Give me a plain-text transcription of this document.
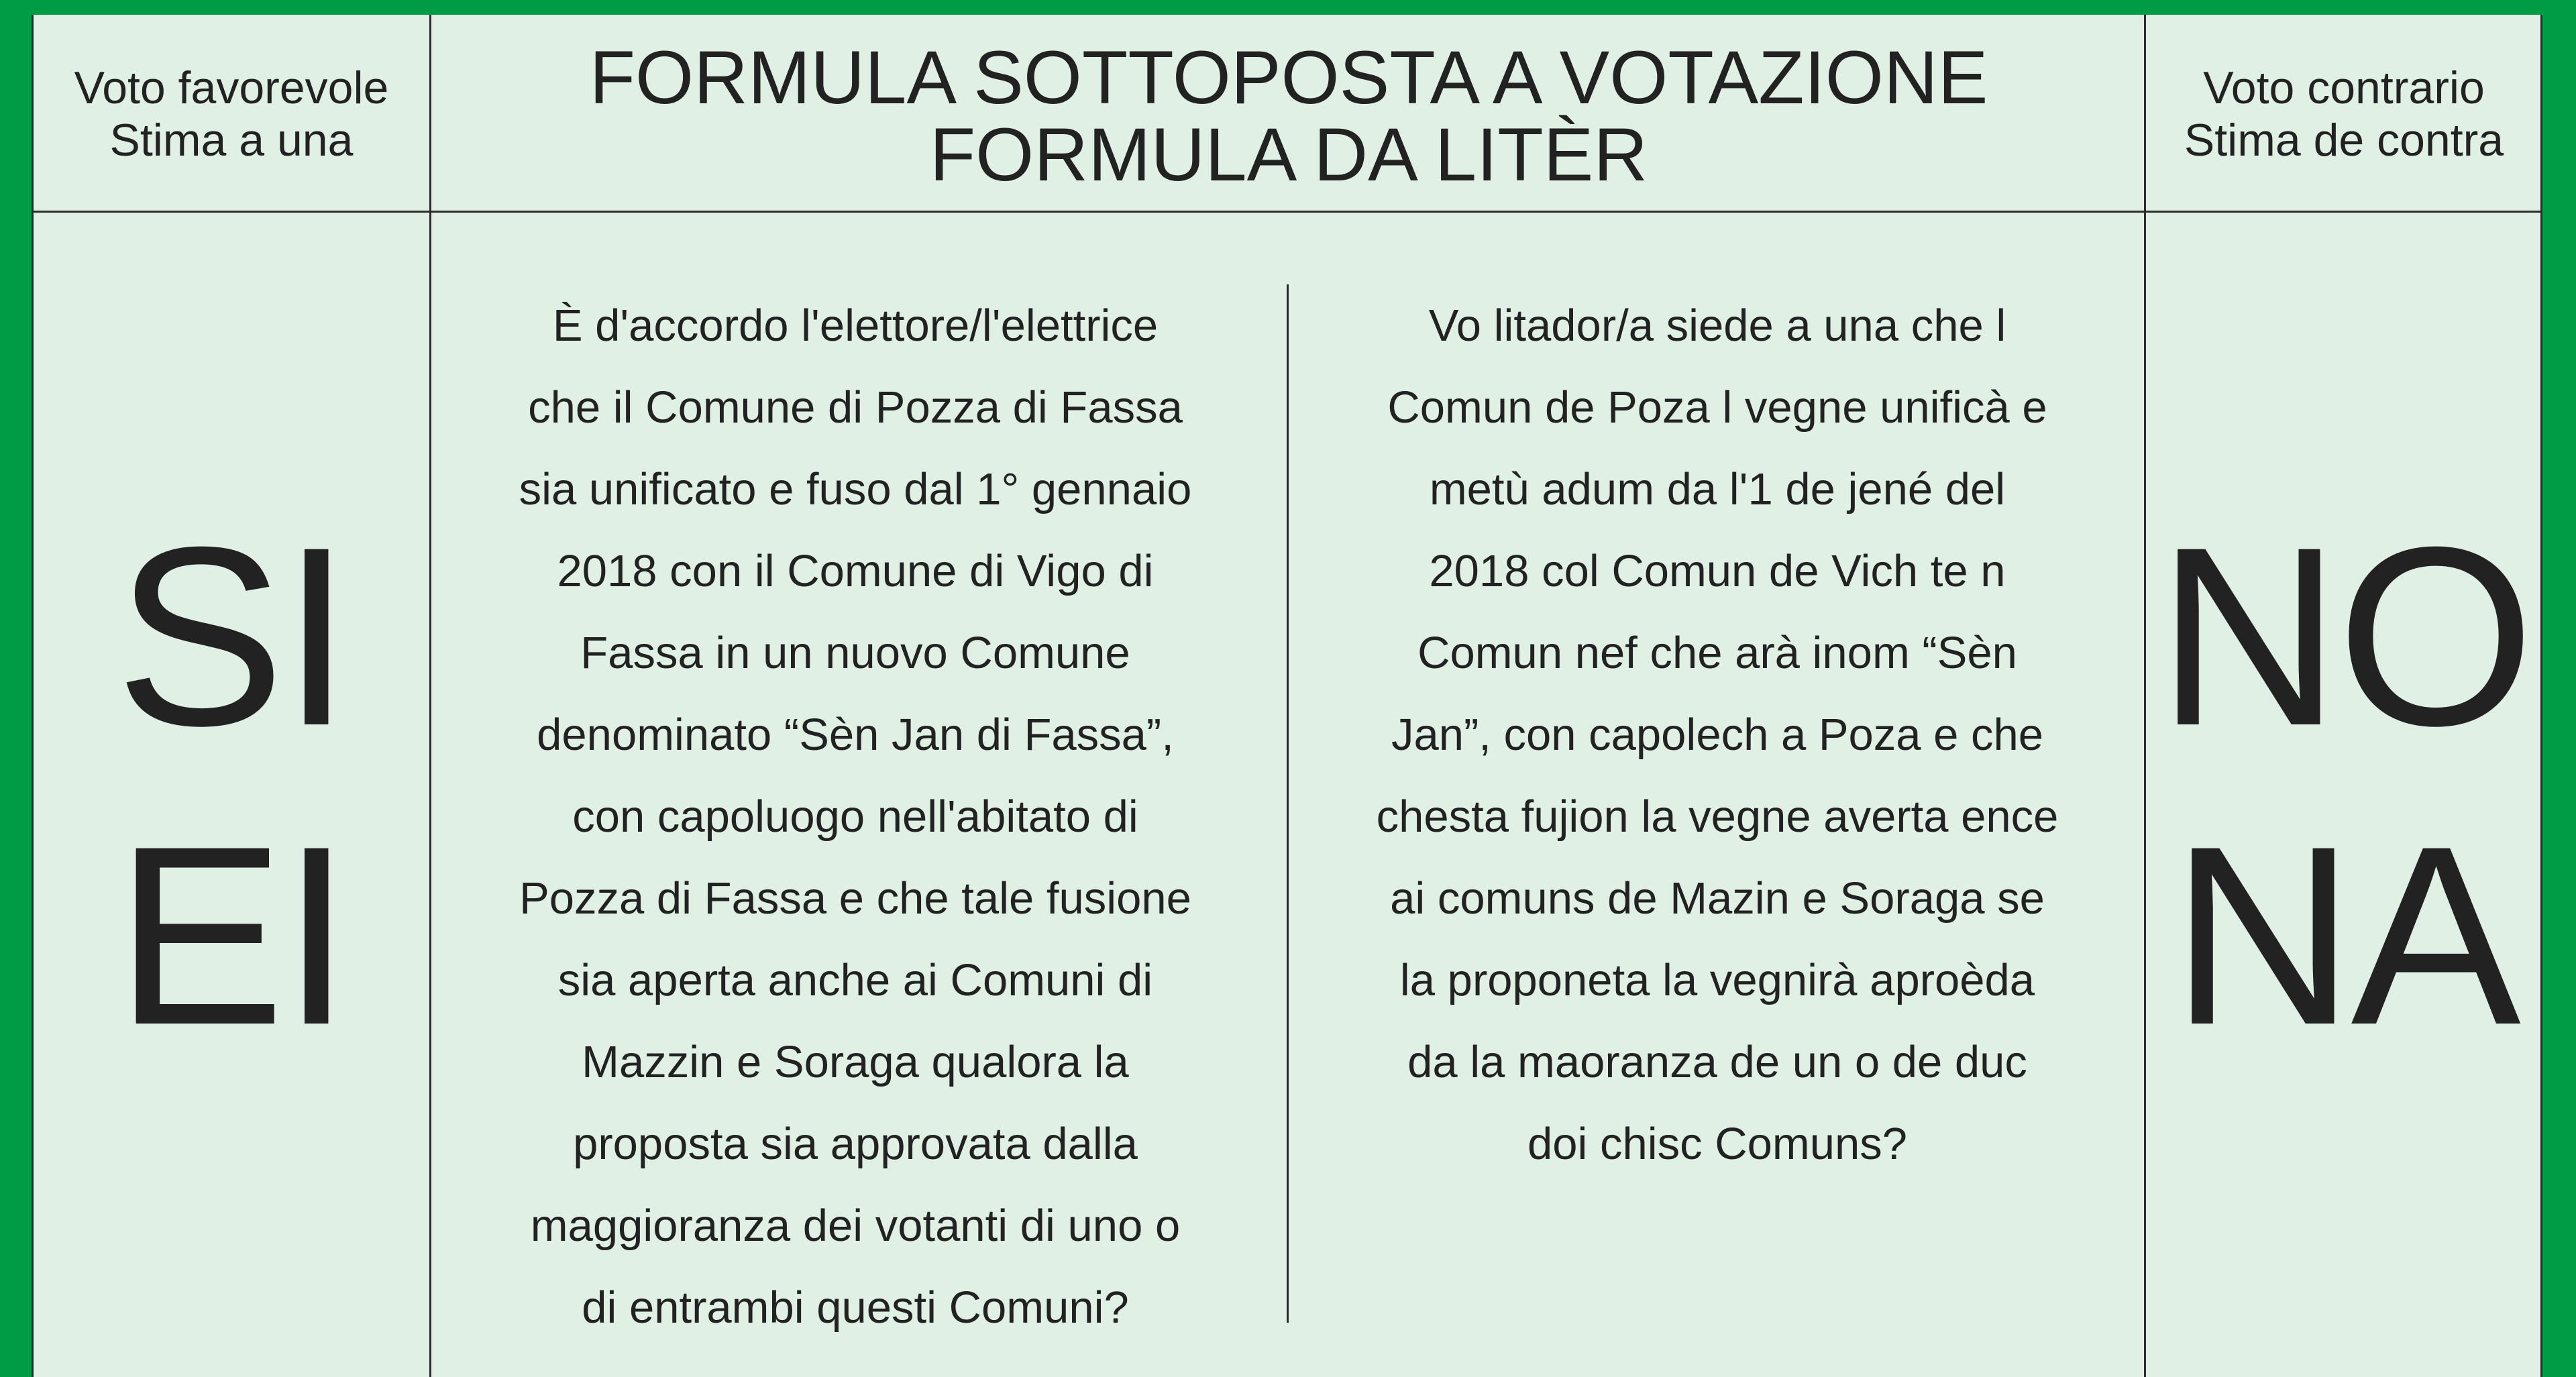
Voto favorevole
Stima a una
FORMULA SOTTOPOSTA A VOTAZIONE
FORMULA DA LITÈR
Voto contrario
Stima de contra
SI
EI
NO
NA
È d'accordo l'elettore/l'elettrice
che il Comune di Pozza di Fassa
sia unificato e fuso dal 1° gennaio
2018 con il Comune di Vigo di
Fassa in un nuovo Comune
denominato “Sèn Jan di Fassa”,
con capoluogo nell'abitato di
Pozza di Fassa e che tale fusione
sia aperta anche ai Comuni di
Mazzin e Soraga qualora la
proposta sia approvata dalla
maggioranza dei votanti di uno o
di entrambi questi Comuni?
Vo litador/a siede a una che l
Comun de Poza l vegne unificà e
metù adum da l'1 de jené del
2018 col Comun de Vich te n
Comun nef che arà inom “Sèn
Jan”, con capolech a Poza e che
chesta fujion la vegne averta ence
ai comuns de Mazin e Soraga se
la proponeta la vegnirà aproèda
da la maoranza de un o de duc
doi chisc Comuns?
